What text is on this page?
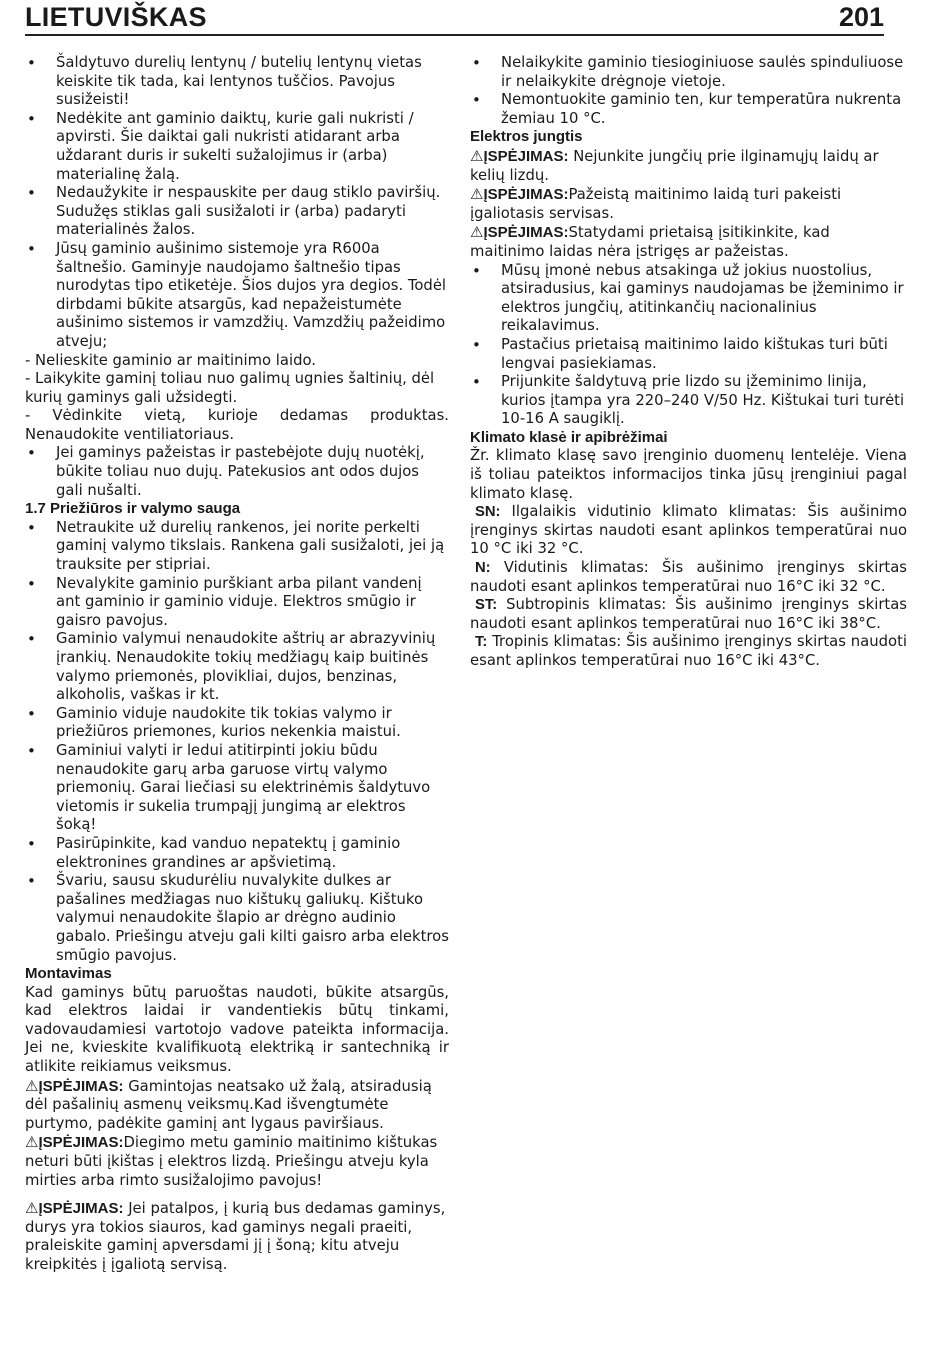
LIETUVIŠKAS	201
• Šaldytuvo durelių lentynų / butelių lentynų vietas keiskite tik tada, kai lentynos tuščios. Pavojus susižeisti!
• Nedėkite ant gaminio daiktų, kurie gali nukristi / apvirsti. Šie daiktai gali nukristi atidarant arba uždarant duris ir sukelti sužalojimus ir (arba) materialinę žalą.
• Nedaužykite ir nespauskite per daug stiklo paviršių. Sudužęs stiklas gali susižaloti ir (arba) padaryti materialinės žalos.
• Jūsų gaminio aušinimo sistemoje yra R600a šaltnešio. Gaminyje naudojamo šaltnešio tipas nurodytas tipo etiketėje. Šios dujos yra degios. Todėl dirbdami būkite atsargūs, kad nepažeistumėte aušinimo sistemos ir vamzdžių. Vamzdžių pažeidimo atveju;
- Nelieskite gaminio ar maitinimo laido.
- Laikykite gaminį toliau nuo galimų ugnies šaltinių, dėl kurių gaminys gali užsidegti.
- Vėdinkite vietą, kurioje dedamas produktas. Nenaudokite ventiliatoriaus.
• Jei gaminys pažeistas ir pastebėjote dujų nuotėkį, būkite toliau nuo dujų. Patekusios ant odos dujos gali nušalti.
1.7 Priežiūros ir valymo sauga
• Netraukite už durelių rankenos, jei norite perkelti gaminį valymo tikslais. Rankena gali susižaloti, jei ją trauksite per stipriai.
• Nevalykite gaminio purškiant arba pilant vandenį ant gaminio ir gaminio viduje. Elektros smūgio ir gaisro pavojus.
• Gaminio valymui nenaudokite aštrių ar abrazyvinių įrankių. Nenaudokite tokių medžiagų kaip buitinės valymo priemonės, plovikliai, dujos, benzinas, alkoholis, vaškas ir kt.
• Gaminio viduje naudokite tik tokias valymo ir priežiūros priemones, kurios nekenkia maistui.
• Gaminiui valyti ir ledui atitirpinti jokiu būdu nenaudokite garų arba garuose virtų valymo priemonių. Garai liečiasi su elektrinėmis šaldytuvo vietomis ir sukelia trumpąjį jungimą ar elektros šoką!
• Pasirūpinkite, kad vanduo nepatektų į gaminio elektronines grandines ar apšvietimą.
• Švariu, sausu skudurėliu nuvalykite dulkes ar pašalines medžiagas nuo kištukų galiukų. Kištuko valymui nenaudokite šlapio ar drėgno audinio gabalo. Priešingu atveju gali kilti gaisro arba elektros smūgio pavojus.
Montavimas
Kad gaminys būtų paruoštas naudoti, būkite atsargūs, kad elektros laidai ir vandentiekis būtų tinkami, vadovaudamiesi vartotojo vadove pateikta informacija. Jei ne, kvieskite kvalifikuotą elektriką ir santechniką ir atlikite reikiamus veiksmus.
⚠ĮSPĖJIMAS: Gamintojas neatsako už žalą, atsiradusią dėl pašalinių asmenų veiksmų.Kad išvengtumėte purtymo, padėkite gaminį ant lygaus paviršiaus.
⚠ĮSPĖJIMAS:Diegimo metu gaminio maitinimo kištukas neturi būti įkištas į elektros lizdą. Priešingu atveju kyla mirties arba rimto susižalojimo pavojus!
⚠ĮSPĖJIMAS: Jei patalpos, į kurią bus dedamas gaminys, durys yra tokios siauros, kad gaminys negali praeiti, praleiskite gaminį apversdami jį į šoną; kitu atveju kreipkitės į įgaliotą servisą.
• Nelaikykite gaminio tiesioginiuose saulės spinduliuose ir nelaikykite drėgnoje vietoje.
• Nemontuokite gaminio ten, kur temperatūra nukrenta žemiau 10 °C.
Elektros jungtis
⚠ĮSPĖJIMAS: Nejunkite jungčių prie ilginamųjų laidų ar kelių lizdų.
⚠ĮSPĖJIMAS:Pažeistą maitinimo laidą turi pakeisti įgaliotasis servisas.
⚠ĮSPĖJIMAS:Statydami prietaisą įsitikinkite, kad maitinimo laidas nėra įstrigęs ar pažeistas.
• Mūsų įmonė nebus atsakinga už jokius nuostolius, atsiradusius, kai gaminys naudojamas be įžeminimo ir elektros jungčių, atitinkančių nacionalinius reikalavimus.
• Pastačius prietaisą maitinimo laido kištukas turi būti lengvai pasiekiamas.
• Prijunkite šaldytuvą prie lizdo su įžeminimo linija, kurios įtampa yra 220–240 V/50 Hz. Kištukai turi turėti 10-16 A saugiklį.
Klimato klasė ir apibrėžimai
Žr. klimato klasę savo įrenginio duomenų lentelėje. Viena iš toliau pateiktos informacijos tinka jūsų įrenginiui pagal klimato klasę.
SN: Ilgalaikis vidutinio klimato klimatas: Šis aušinimo įrenginys skirtas naudoti esant aplinkos temperatūrai nuo 10 °C iki 32 °C.
N: Vidutinis klimatas: Šis aušinimo įrenginys skirtas naudoti esant aplinkos temperatūrai nuo 16°C iki 32 °C.
ST: Subtropinis klimatas: Šis aušinimo įrenginys skirtas naudoti esant aplinkos temperatūrai nuo 16°C iki 38°C.
T: Tropinis klimatas: Šis aušinimo įrenginys skirtas naudoti esant aplinkos temperatūrai nuo 16°C iki 43°C.
